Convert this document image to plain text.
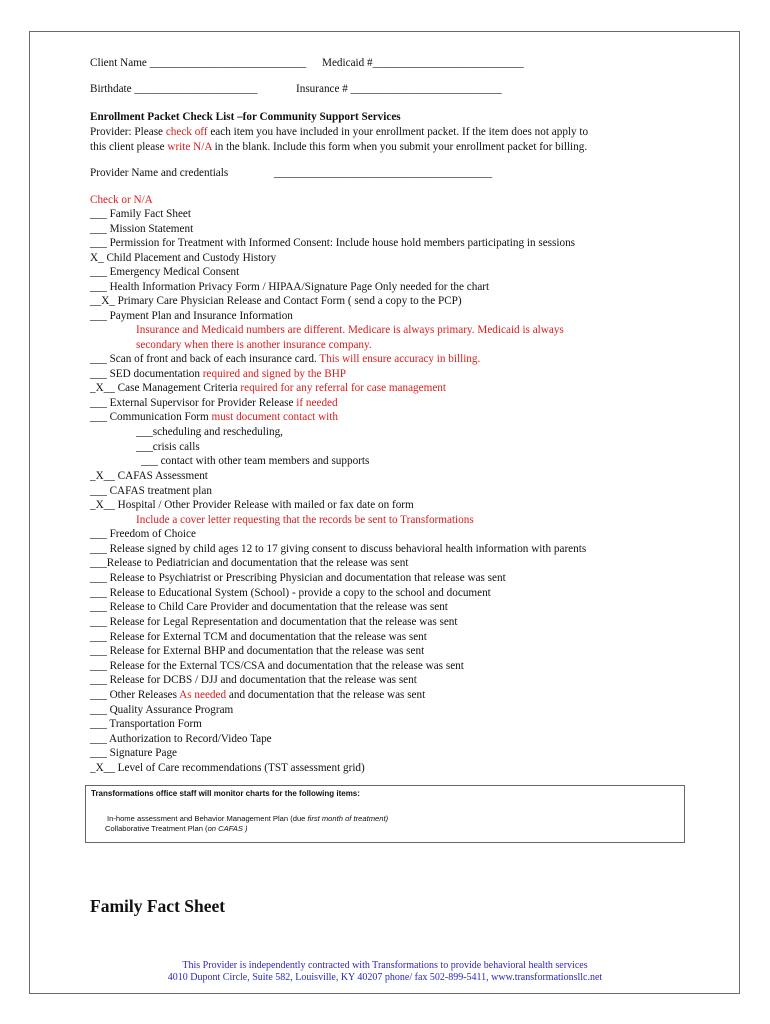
Client Name ____________________________ Medicaid #___________________________
Birthdate ______________________	Insurance # ___________________________
Enrollment Packet Check List –for Community Support Services
Provider: Please check off each item you have included in your enrollment packet. If the item does not apply to
this client please write N/A in the blank. Include this form when you submit your enrollment packet for billing.
Provider Name and credentials	_______________________________________
Check or N/A
___ Family Fact Sheet
___ Mission Statement
___ Permission for Treatment with Informed Consent: Include house hold members participating in sessions
X_ Child Placement and Custody History
___ Emergency Medical Consent
___ Health Information Privacy Form / HIPAA/Signature Page Only needed for the chart
__X_ Primary Care Physician Release and Contact Form ( send a copy to the PCP)
___ Payment Plan and Insurance Information
Insurance and Medicaid numbers are different. Medicare is always primary. Medicaid is always
secondary when there is another insurance company.
___ Scan of front and back of each insurance card. This will ensure accuracy in billing.
___ SED documentation required and signed by the BHP
_X__ Case Management Criteria required for any referral for case management
___ External Supervisor for Provider Release if needed
___ Communication Form must document contact with
___scheduling and rescheduling,
___crisis calls
___ contact with other team members and supports
_X__ CAFAS Assessment
___ CAFAS treatment plan
_X__ Hospital / Other Provider Release with mailed or fax date on form
Include a cover letter requesting that the records be sent to Transformations
___ Freedom of Choice
___ Release signed by child ages 12 to 17 giving consent to discuss behavioral health information with parents
___Release to Pediatrician and documentation that the release was sent
___ Release to Psychiatrist or Prescribing Physician and documentation that release was sent
___ Release to Educational System (School) - provide a copy to the school and document
___ Release to Child Care Provider and documentation that the release was sent
___ Release for Legal Representation and documentation that the release was sent
___ Release for External TCM and documentation that the release was sent
___ Release for External BHP and documentation that the release was sent
___ Release for the External TCS/CSA and documentation that the release was sent
___ Release for DCBS / DJJ and documentation that the release was sent
___ Other Releases As needed and documentation that the release was sent
___ Quality Assurance Program
___ Transportation Form
___ Authorization to Record/Video Tape
___ Signature Page
_X__ Level of Care recommendations (TST assessment grid)
Transformations office staff will monitor charts for the following items:
In-home assessment and Behavior Management Plan (due first month of treatment)
Collaborative Treatment Plan (on CAFAS )
Family Fact Sheet
This Provider is independently contracted with Transformations to provide behavioral health services
4010 Dupont Circle, Suite 582, Louisville, KY 40207 phone/ fax 502-899-5411, www.transformationsllc.net
